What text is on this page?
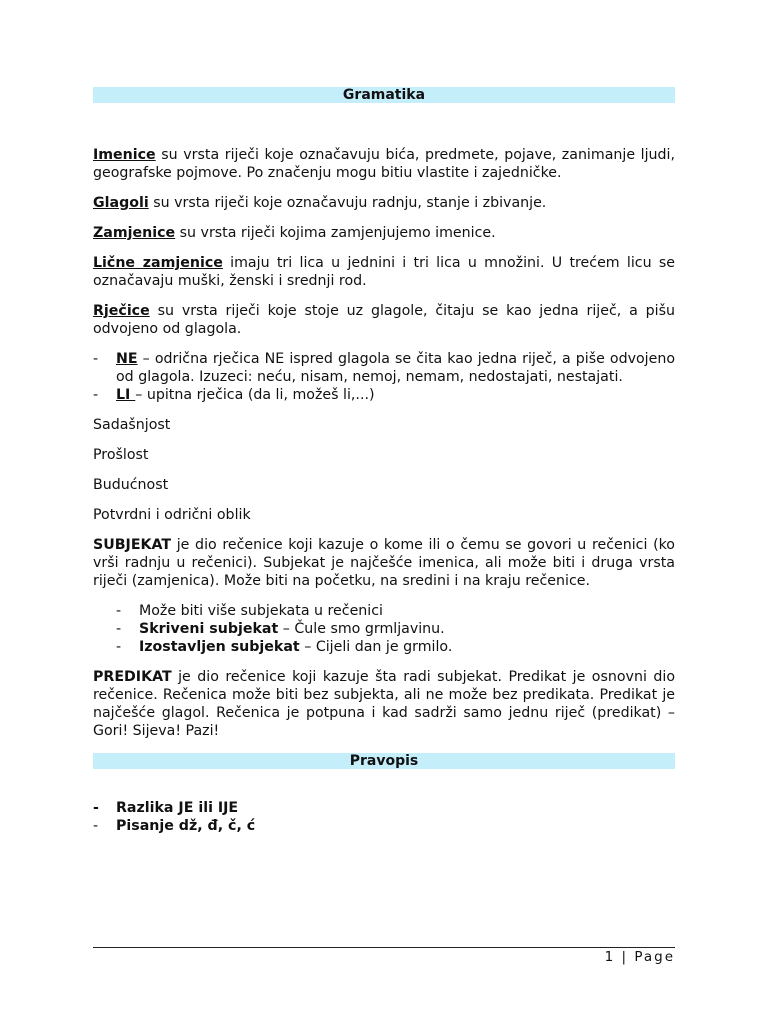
Gramatika

Imenice su vrsta riječi koje označavuju bića, predmete, pojave, zanimanje ljudi, geografske pojmove. Po značenju mogu bitiu vlastite i zajedničke.

Glagoli su vrsta riječi koje označavuju radnju, stanje i zbivanje.

Zamjenice su vrsta riječi kojima zamjenjujemo imenice.

Lične zamjenice imaju tri lica u jednini i tri lica u množini. U trećem licu se označavaju muški, ženski i srednji rod.

Rječice su vrsta riječi koje stoje uz glagole, čitaju se kao jedna riječ, a pišu odvojeno od glagola.

- NE – odrična rječica NE ispred glagola se čita kao jedna riječ, a piše odvojeno od glagola. Izuzeci: neću, nisam, nemoj, nemam, nedostajati, nestajati.
- LI – upitna rječica (da li, možeš li,...)

Sadašnjost

Prošlost

Budućnost

Potvrdni i odrični oblik

SUBJEKAT je dio rečenice koji kazuje o kome ili o čemu se govori u rečenici (ko vrši radnju u rečenici). Subjekat je najčešće imenica, ali može biti i druga vrsta riječi (zamjenica). Može biti na početku, na sredini i na kraju rečenice.

- Može biti više subjekata u rečenici
- Skriveni subjekat – Čule smo grmljavinu.
- Izostavljen subjekat – Cijeli dan je grmilo.

PREDIKAT je dio rečenice koji kazuje šta radi subjekat. Predikat je osnovni dio rečenice. Rečenica može biti bez subjekta, ali ne može bez predikata. Predikat je najčešće glagol. Rečenica je potpuna i kad sadrži samo jednu riječ (predikat) – Gori! Sijeva! Pazi!

Pravopis
- Razlika JE ili IJE
- Pisanje dž, đ, č, ć
1 | Page
